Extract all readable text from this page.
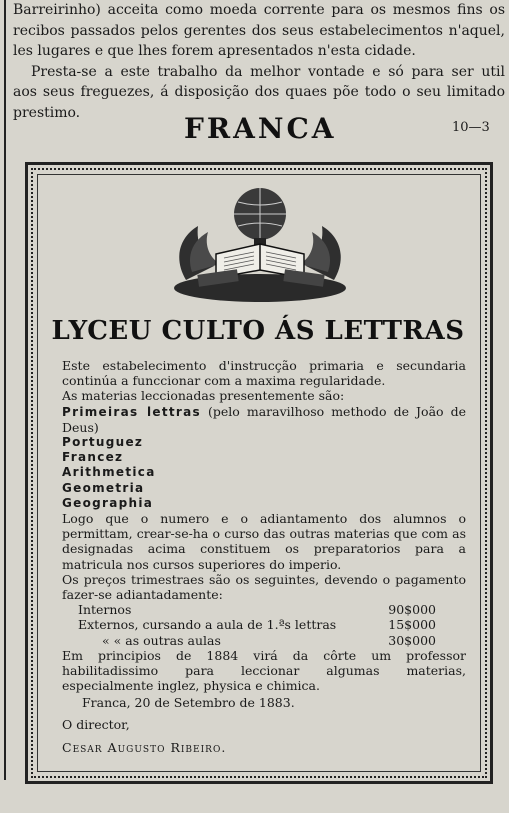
Barreirinho) acceita como moeda corrente para os mesmos fins os

recibos passados pelos gerentes dos seus estabelecimentos n'aquel,

les lugares e que lhes forem apresentados n'esta cidade.

Presta-se a este trabalho da melhor vontade e só para ser util

aos seus freguezes, á disposição dos quaes põe todo o seu limitado

prestimo.	FRANCA	10—3
LYCEU CULTO ÁS LETTRAS

Este estabelecimento d'instrucção primaria e secundaria continúa a funccionar com a maxima regularidade.

As materias leccionadas presentemente são:

Primeiras lettras (pelo maravilhoso methodo de João de Deus)

Portuguez

Francez

Arithmetica

Geometria

Geographia

Logo que o numero e o adiantamento dos alumnos o permittam, crear-se-ha o curso das outras materias que com as designadas acima constituem os preparatorios para a matricula nos cursos superiores do imperio.

Os preços trimestraes são os seguintes, devendo o pagamento fazer-se adiantadamente:

Internos	90$000
Externos, cursando a aula de 1.ªs lettras	15$000
« « as outras aulas	30$000

Em principios de 1884 virá da côrte um professor habilitadissimo para leccionar algumas materias, especialmente inglez, physica e chimica.

Franca, 20 de Setembro de 1883.

O director,

Cesar Augusto Ribeiro.
